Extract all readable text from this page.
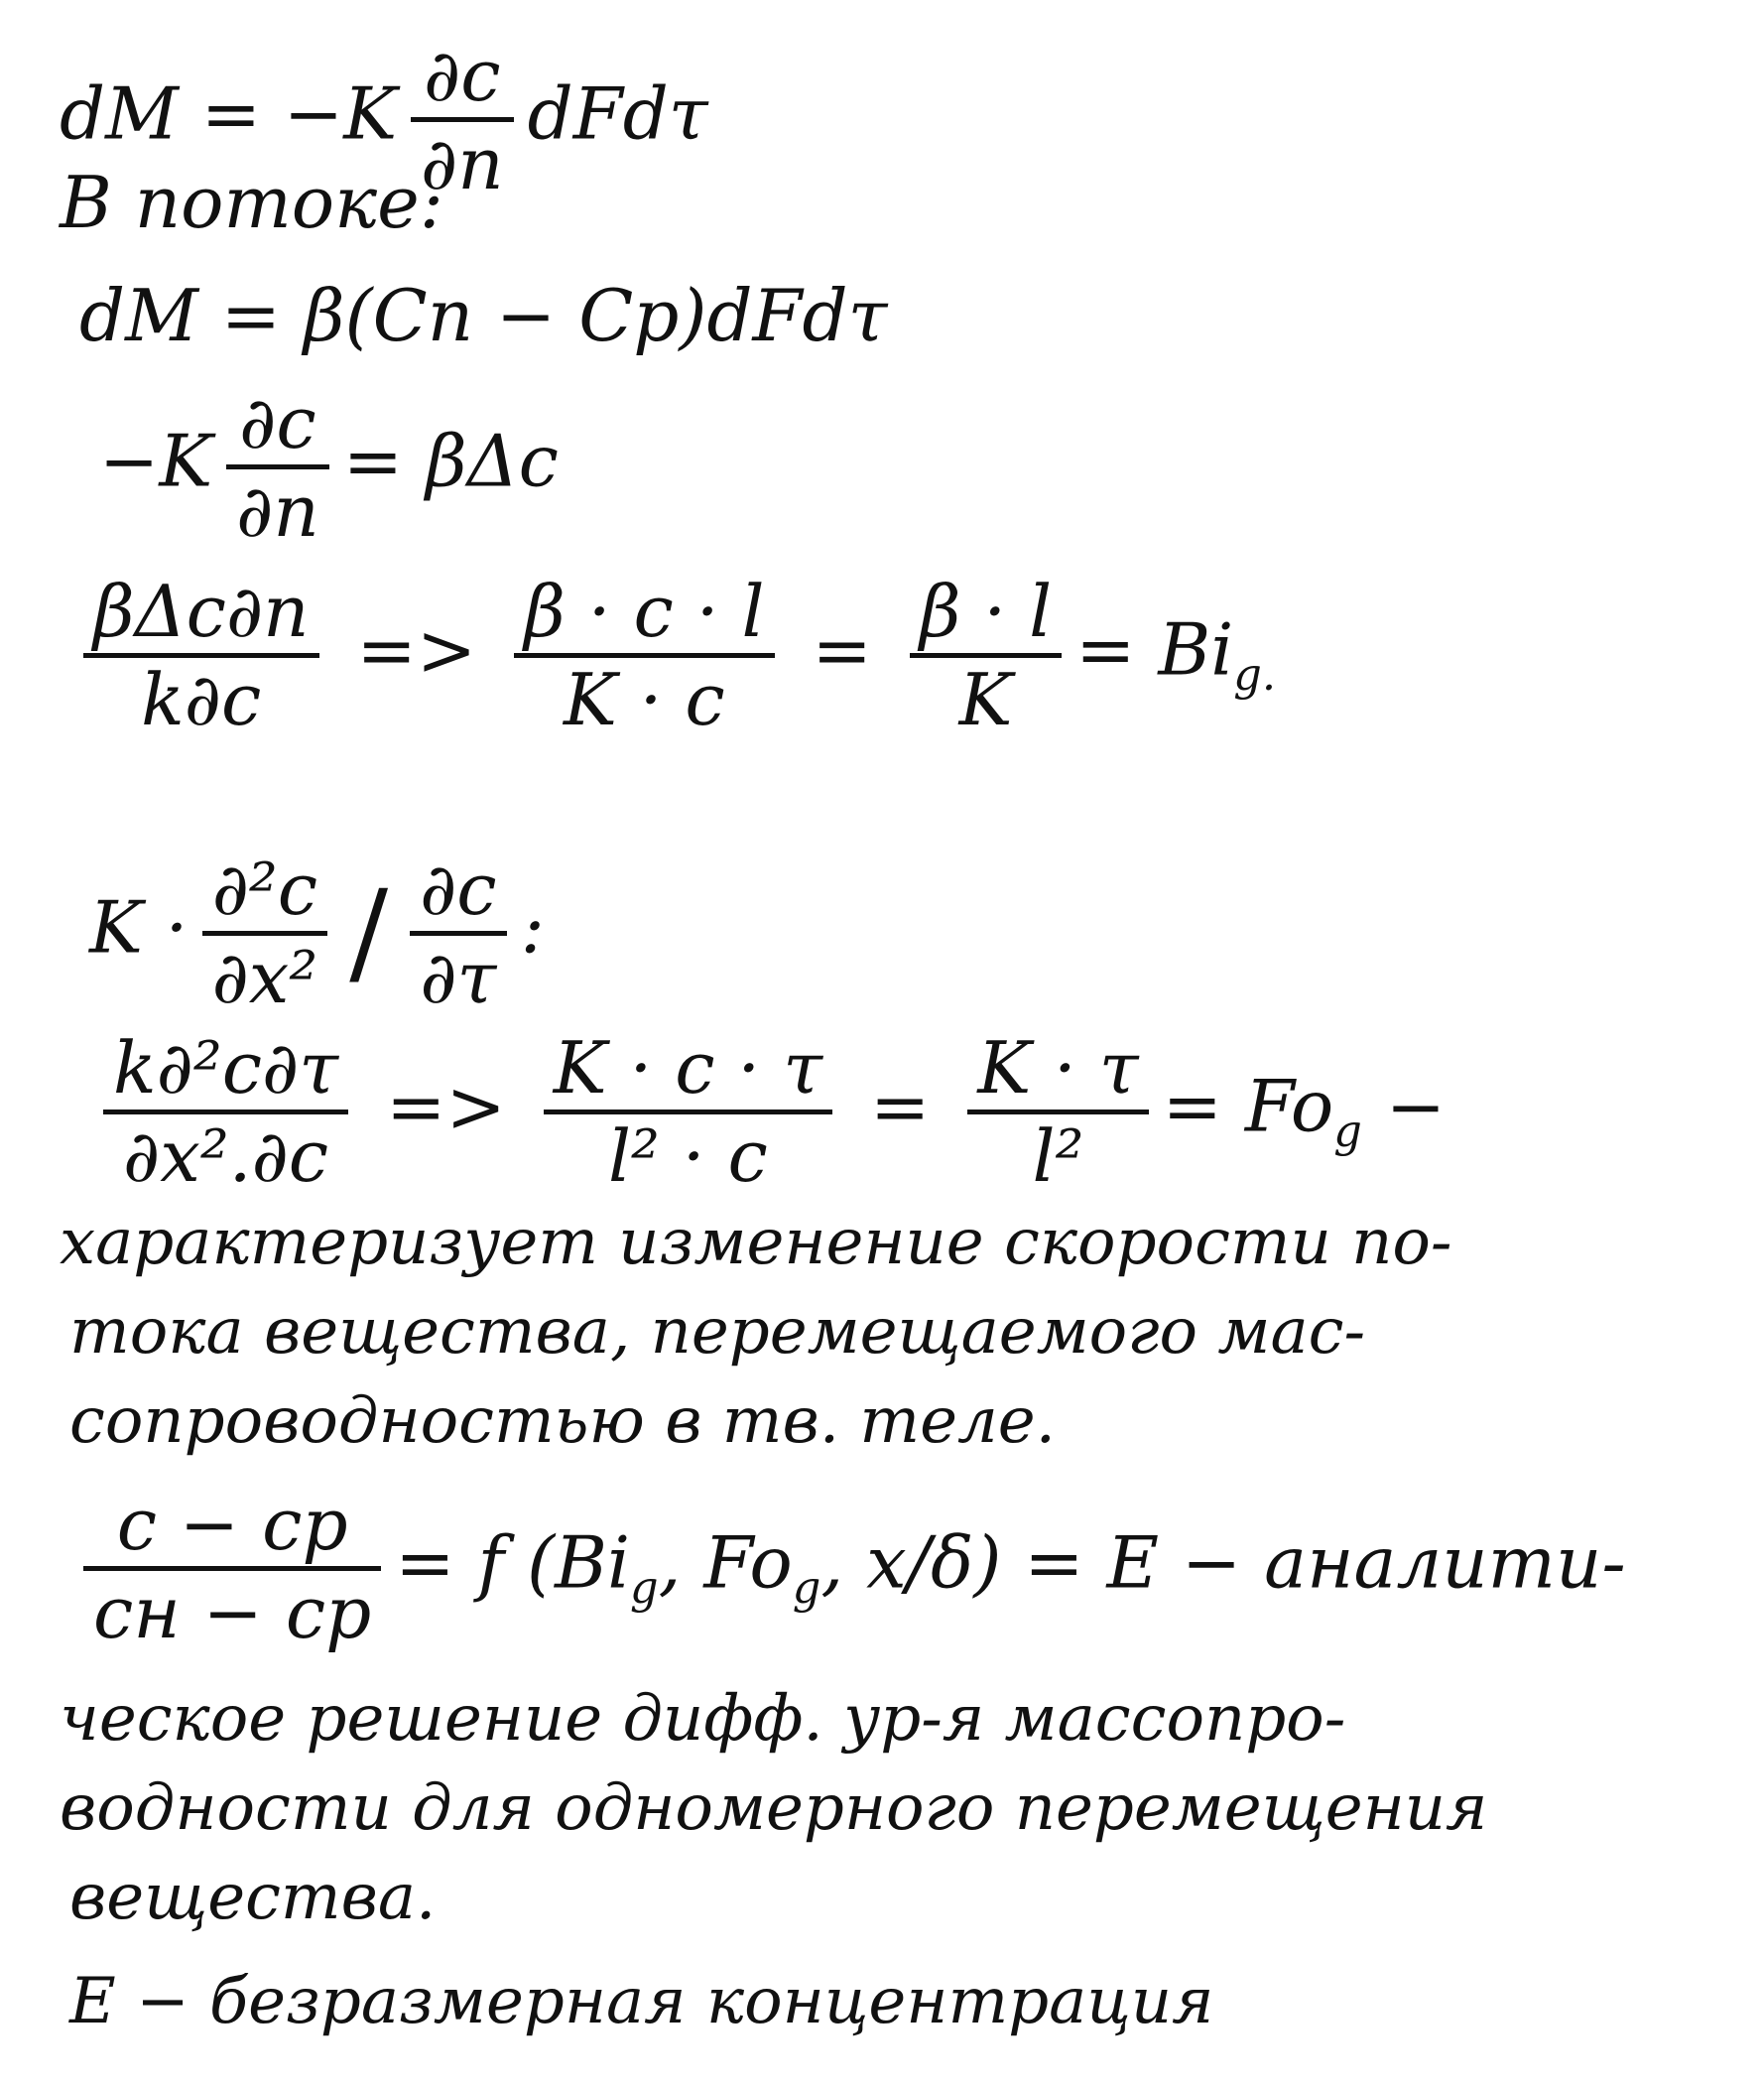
dM = $-K \frac{\partial c}{\partial n}$ dFdτ
В потоке:
dM = β(Cп − Cp)dFdτ
$-K \frac{\partial c}{\partial n} = \beta\Delta c$
$\frac{\text{βΔc∂n}}{k\partial c} => \frac{\beta \cdot c \cdot l}{K \cdot c} = \frac{\beta \cdot l}{K} = Bi_{g.}$
$K \cdot \frac{\text{∂²c}}{\text{∂x²}} / \frac{\partial c}{\partial\tau}$ :
$\frac{\text{k∂²c∂τ}}{\text{∂x².∂c}} => \frac{K \cdot c \cdot \tau}{\text{l² · c}} = \frac{K \cdot \tau}{\text{l²}} = Fo_g$ −
характеризует изменение скорости по-
тока вещества, перемещаемого мас-
сопроводностью в тв. теле.
$\frac{c - cp}{cн - cp} = f$ ($Bi_g$, $Fo_g$, x/δ) = E − аналити-
ческое решение дифф. ур-я массопро-
водности для одномерного перемещения
вещества.
E − безразмерная концентрация
